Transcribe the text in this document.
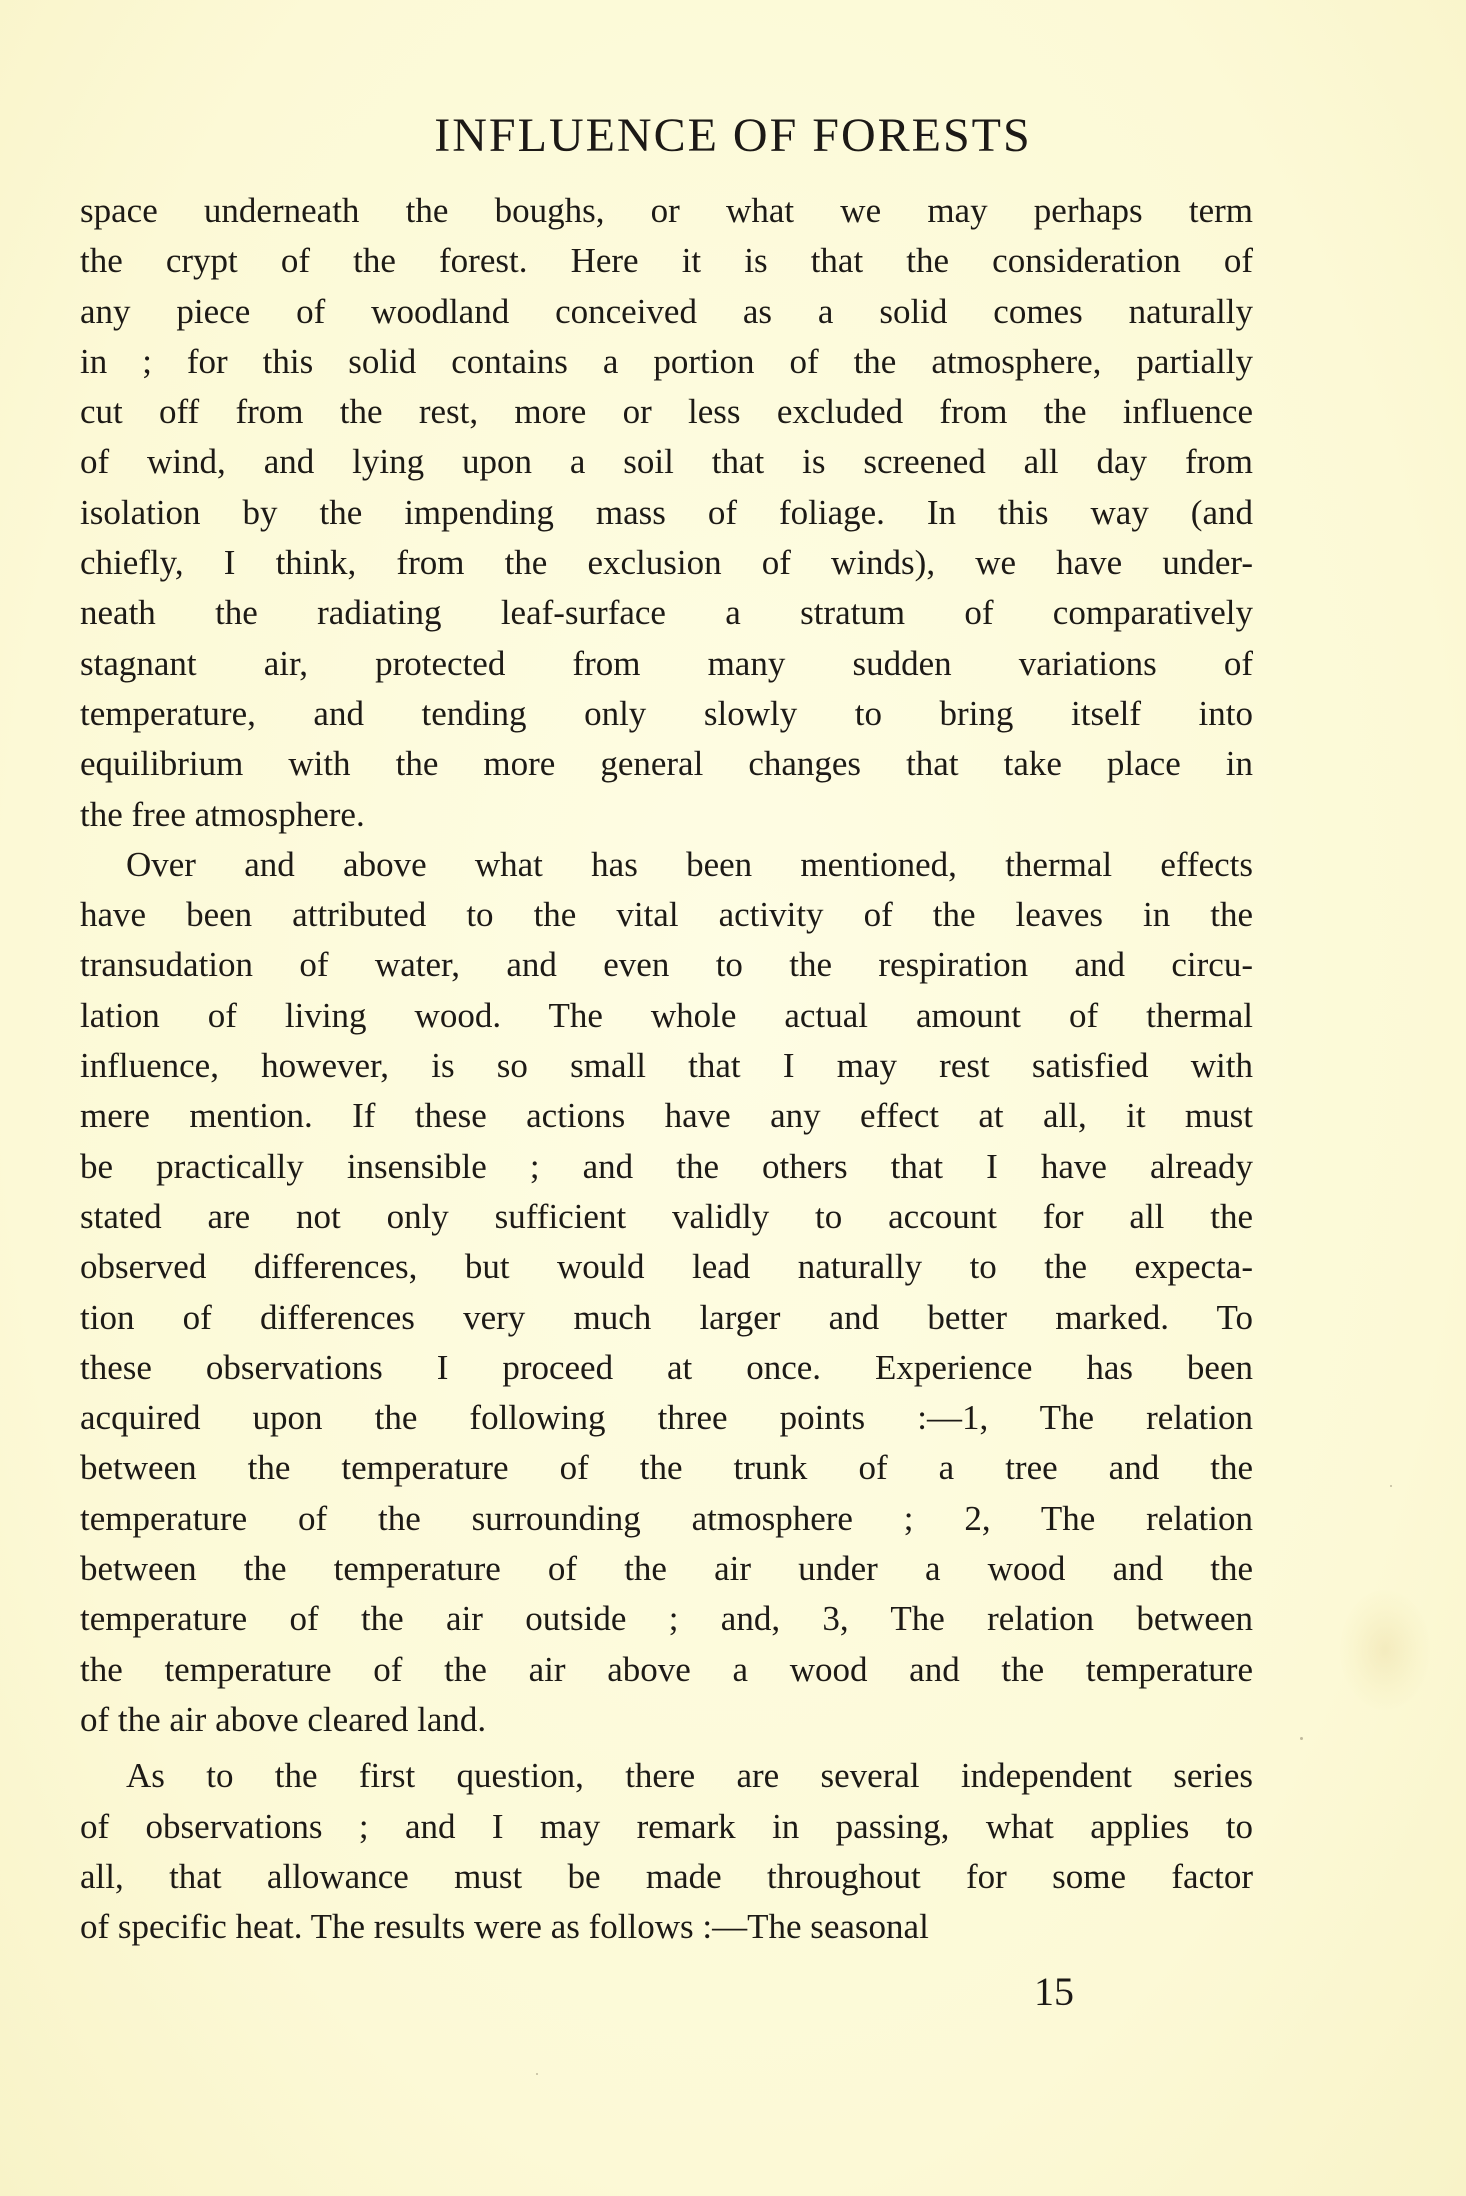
INFLUENCE OF FORESTS
space underneath the boughs, or what we may perhaps term
the crypt of the forest. Here it is that the consideration of
any piece of woodland conceived as a solid comes naturally
in ; for this solid contains a portion of the atmosphere, partially
cut off from the rest, more or less excluded from the influence
of wind, and lying upon a soil that is screened all day from
isolation by the impending mass of foliage. In this way (and
chiefly, I think, from the exclusion of winds), we have under-
neath the radiating leaf-surface a stratum of comparatively
stagnant air, protected from many sudden variations of
temperature, and tending only slowly to bring itself into
equilibrium with the more general changes that take place in
the free atmosphere.
Over and above what has been mentioned, thermal effects
have been attributed to the vital activity of the leaves in the
transudation of water, and even to the respiration and circu-
lation of living wood. The whole actual amount of thermal
influence, however, is so small that I may rest satisfied with
mere mention. If these actions have any effect at all, it must
be practically insensible ; and the others that I have already
stated are not only sufficient validly to account for all the
observed differences, but would lead naturally to the expecta-
tion of differences very much larger and better marked. To
these observations I proceed at once. Experience has been
acquired upon the following three points :—1, The relation
between the temperature of the trunk of a tree and the
temperature of the surrounding atmosphere ; 2, The relation
between the temperature of the air under a wood and the
temperature of the air outside ; and, 3, The relation between
the temperature of the air above a wood and the temperature
of the air above cleared land.
As to the first question, there are several independent series
of observations ; and I may remark in passing, what applies to
all, that allowance must be made throughout for some factor
of specific heat. The results were as follows :—The seasonal
15
